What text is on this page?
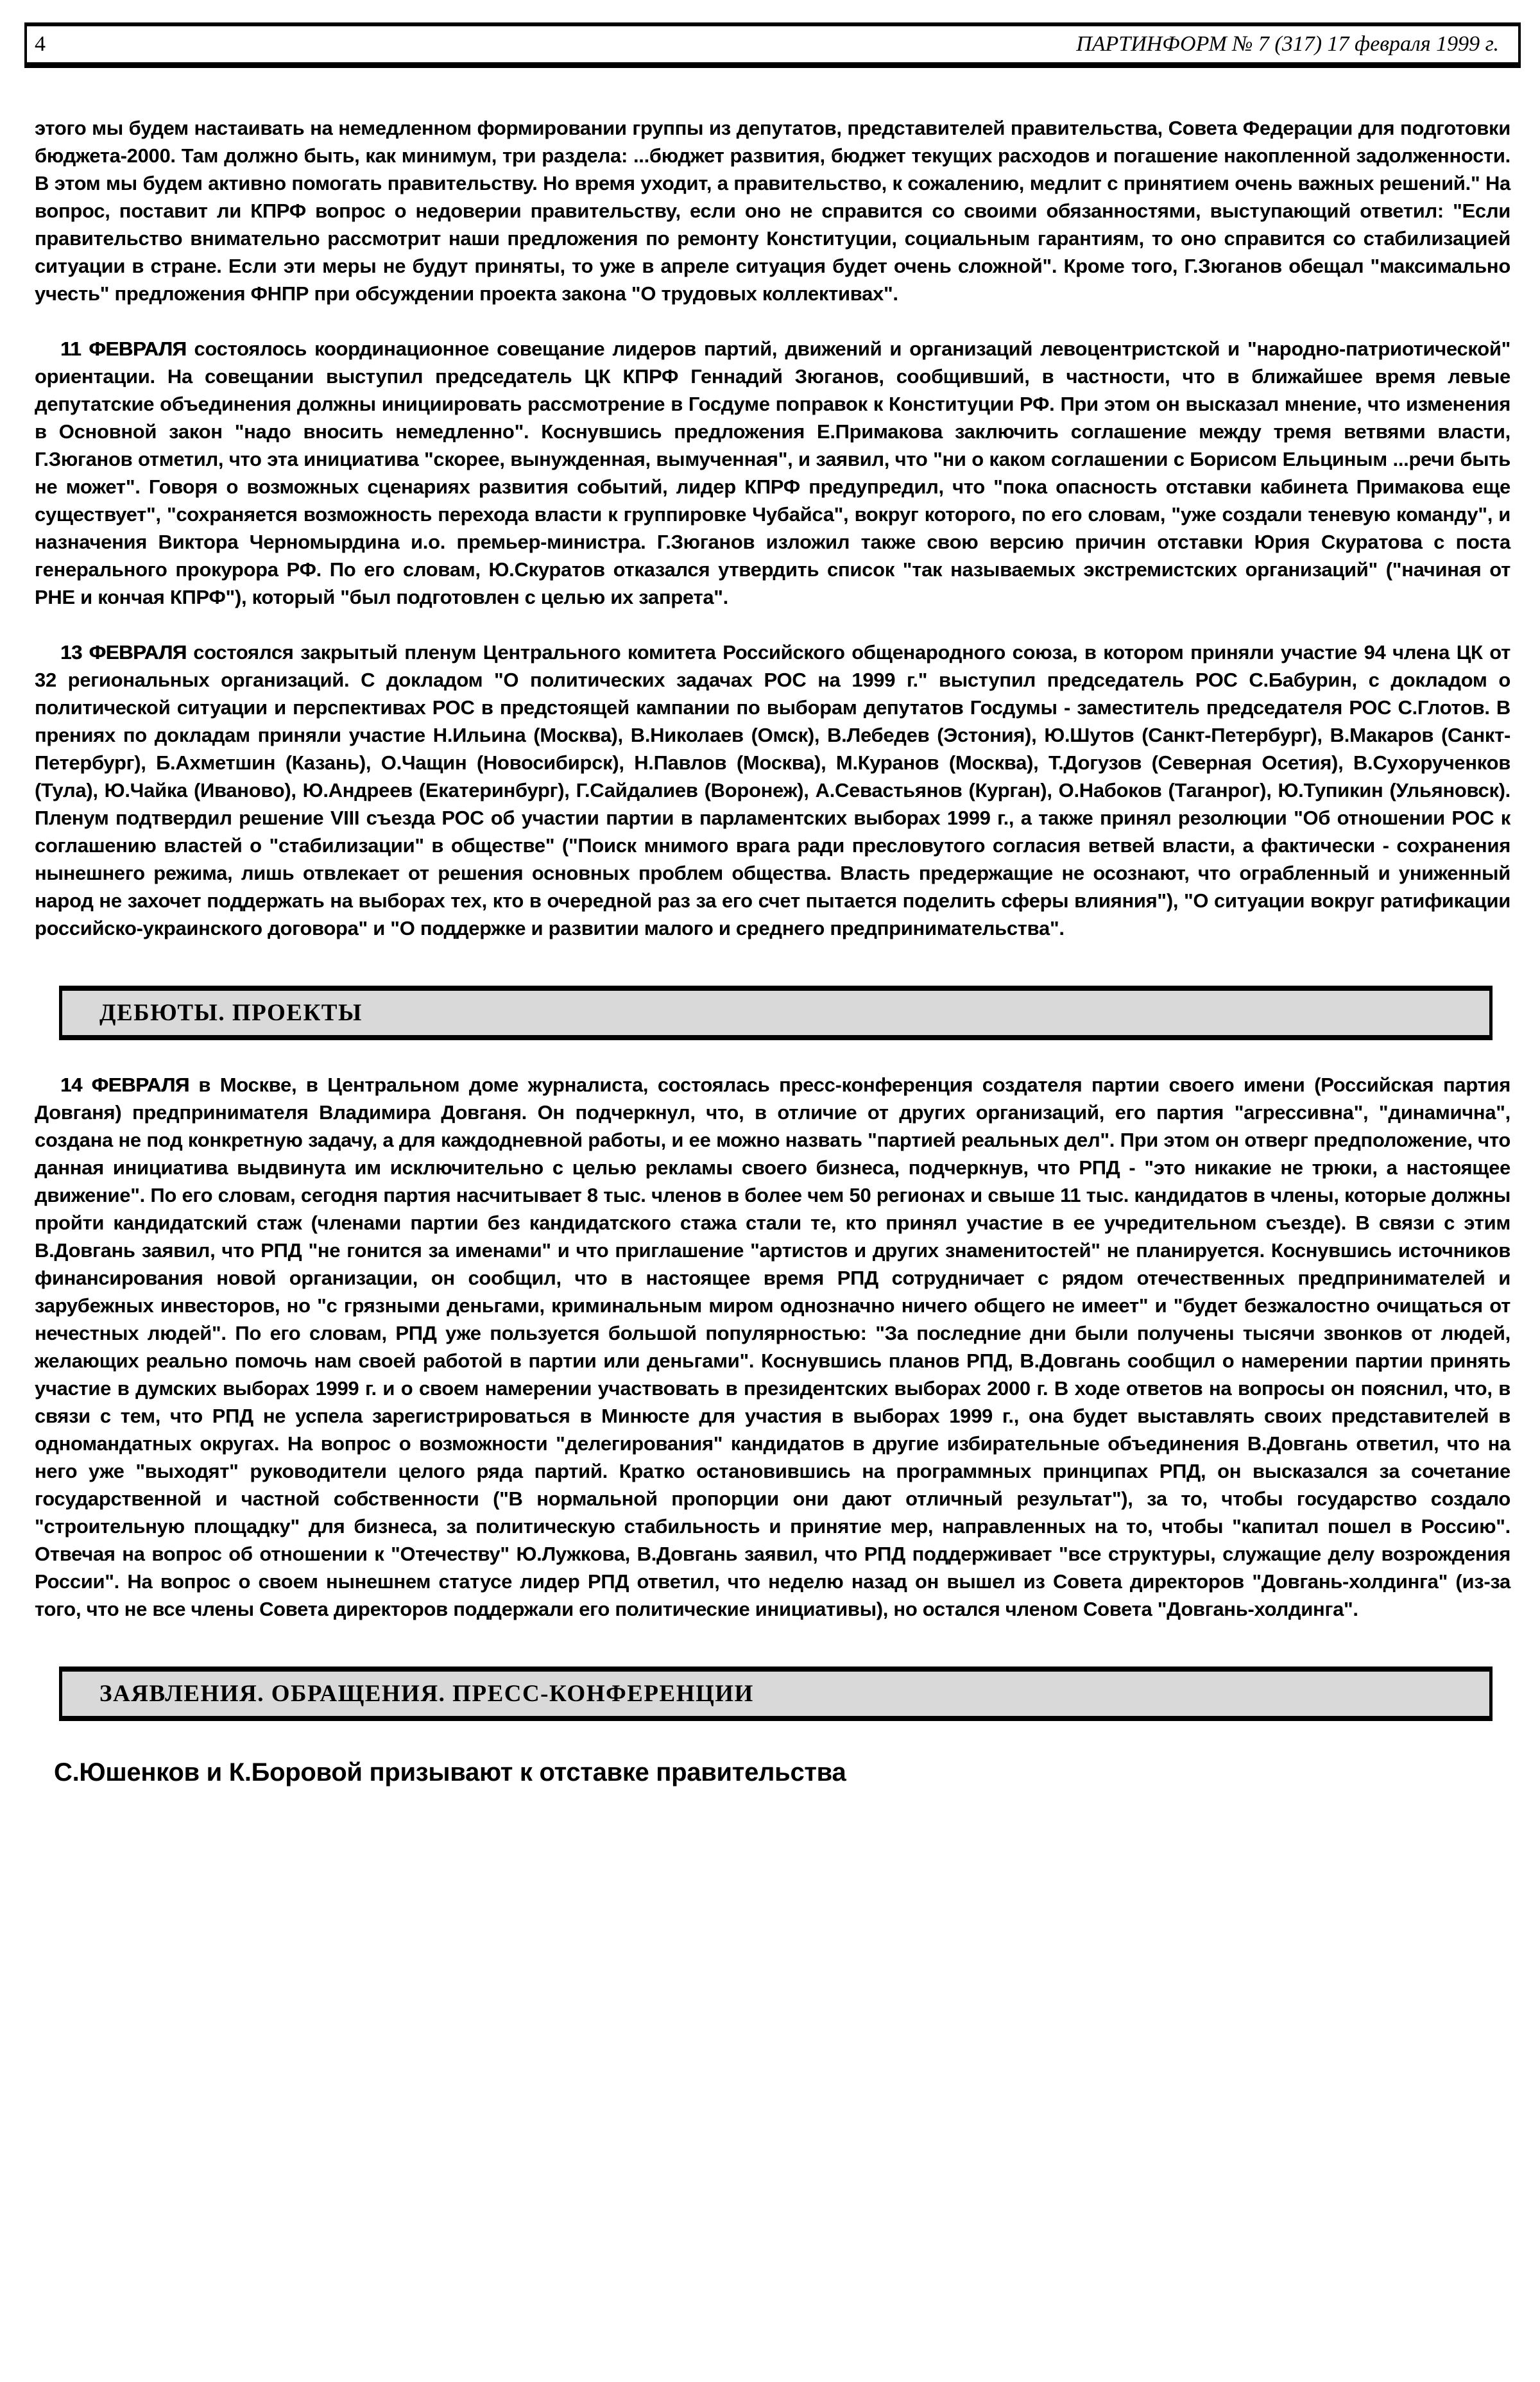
4	ПАРТИНФОРМ № 7 (317) 17 февраля 1999 г.

этого мы будем настаивать на немедленном формировании группы из депутатов, представителей правительства, Совета Федерации для подготовки бюджета-2000. Там должно быть, как минимум, три раздела: ...бюджет развития, бюджет текущих расходов и погашение накопленной задолженности. В этом мы будем активно помогать правительству. Но время уходит, а правительство, к сожалению, медлит с принятием очень важных решений." На вопрос, поставит ли КПРФ вопрос о недоверии правительству, если оно не справится со своими обязанностями, выступающий ответил: "Если правительство внимательно рассмотрит наши предложения по ремонту Конституции, социальным гарантиям, то оно справится со стабилизацией ситуации в стране. Если эти меры не будут приняты, то уже в апреле ситуация будет очень сложной". Кроме того, Г.Зюганов обещал "максимально учесть" предложения ФНПР при обсуждении проекта закона "О трудовых коллективах".

11 ФЕВРАЛЯ состоялось координационное совещание лидеров партий, движений и организаций левоцентристской и "народно-патриотической" ориентации. На совещании выступил председатель ЦК КПРФ Геннадий Зюганов, сообщивший, в частности, что в ближайшее время левые депутатские объединения должны инициировать рассмотрение в Госдуме поправок к Конституции РФ. При этом он высказал мнение, что изменения в Основной закон "надо вносить немедленно". Коснувшись предложения Е.Примакова заключить соглашение между тремя ветвями власти, Г.Зюганов отметил, что эта инициатива "скорее, вынужденная, вымученная", и заявил, что "ни о каком соглашении с Борисом Ельциным ...речи быть не может". Говоря о возможных сценариях развития событий, лидер КПРФ предупредил, что "пока опасность отставки кабинета Примакова еще существует", "сохраняется возможность перехода власти к группировке Чубайса", вокруг которого, по его словам, "уже создали теневую команду", и назначения Виктора Черномырдина и.о. премьер-министра. Г.Зюганов изложил также свою версию причин отставки Юрия Скуратова с поста генерального прокурора РФ. По его словам, Ю.Скуратов отказался утвердить список "так называемых экстремистских организаций" ("начиная от РНЕ и кончая КПРФ"), который "был подготовлен с целью их запрета".

13 ФЕВРАЛЯ состоялся закрытый пленум Центрального комитета Российского общенародного союза, в котором приняли участие 94 члена ЦК от 32 региональных организаций. С докладом "О политических задачах РОС на 1999 г." выступил председатель РОС С.Бабурин, с докладом о политической ситуации и перспективах РОС в предстоящей кампании по выборам депутатов Госдумы - заместитель председателя РОС С.Глотов. В прениях по докладам приняли участие Н.Ильина (Москва), В.Николаев (Омск), В.Лебедев (Эстония), Ю.Шутов (Санкт-Петербург), В.Макаров (Санкт-Петербург), Б.Ахметшин (Казань), О.Чащин (Новосибирск), Н.Павлов (Москва), М.Куранов (Москва), Т.Догузов (Северная Осетия), В.Сухорученков (Тула), Ю.Чайка (Иваново), Ю.Андреев (Екатеринбург), Г.Сайдалиев (Воронеж), А.Севастьянов (Курган), О.Набоков (Таганрог), Ю.Тупикин (Ульяновск). Пленум подтвердил решение VIII съезда РОС об участии партии в парламентских выборах 1999 г., а также принял резолюции "Об отношении РОС к соглашению властей о "стабилизации" в обществе" ("Поиск мнимого врага ради пресловутого согласия ветвей власти, а фактически - сохранения нынешнего режима, лишь отвлекает от решения основных проблем общества. Власть предержащие не осознают, что ограбленный и униженный народ не захочет поддержать на выборах тех, кто в очередной раз за его счет пытается поделить сферы влияния"), "О ситуации вокруг ратификации российско-украинского договора" и "О поддержке и развитии малого и среднего предпринимательства".

ДЕБЮТЫ. ПРОЕКТЫ

14 ФЕВРАЛЯ в Москве, в Центральном доме журналиста, состоялась пресс-конференция создателя партии своего имени (Российская партия Довганя) предпринимателя Владимира Довганя. Он подчеркнул, что, в отличие от других организаций, его партия "агрессивна", "динамична", создана не под конкретную задачу, а для каждодневной работы, и ее можно назвать "партией реальных дел". При этом он отверг предположение, что данная инициатива выдвинута им исключительно с целью рекламы своего бизнеса, подчеркнув, что РПД - "это никакие не трюки, а настоящее движение". По его словам, сегодня партия насчитывает 8 тыс. членов в более чем 50 регионах и свыше 11 тыс. кандидатов в члены, которые должны пройти кандидатский стаж (членами партии без кандидатского стажа стали те, кто принял участие в ее учредительном съезде). В связи с этим В.Довгань заявил, что РПД "не гонится за именами" и что приглашение "артистов и других знаменитостей" не планируется. Коснувшись источников финансирования новой организации, он сообщил, что в настоящее время РПД сотрудничает с рядом отечественных предпринимателей и зарубежных инвесторов, но "с грязными деньгами, криминальным миром однозначно ничего общего не имеет" и "будет безжалостно очищаться от нечестных людей". По его словам, РПД уже пользуется большой популярностью: "За последние дни были получены тысячи звонков от людей, желающих реально помочь нам своей работой в партии или деньгами". Коснувшись планов РПД, В.Довгань сообщил о намерении партии принять участие в думских выборах 1999 г. и о своем намерении участвовать в президентских выборах 2000 г. В ходе ответов на вопросы он пояснил, что, в связи с тем, что РПД не успела зарегистрироваться в Минюсте для участия в выборах 1999 г., она будет выставлять своих представителей в одномандатных округах. На вопрос о возможности "делегирования" кандидатов в другие избирательные объединения В.Довгань ответил, что на него уже "выходят" руководители целого ряда партий. Кратко остановившись на программных принципах РПД, он высказался за сочетание государственной и частной собственности ("В нормальной пропорции они дают отличный результат"), за то, чтобы государство создало "строительную площадку" для бизнеса, за политическую стабильность и принятие мер, направленных на то, чтобы "капитал пошел в Россию". Отвечая на вопрос об отношении к "Отечеству" Ю.Лужкова, В.Довгань заявил, что РПД поддерживает "все структуры, служащие делу возрождения России". На вопрос о своем нынешнем статусе лидер РПД ответил, что неделю назад он вышел из Совета директоров "Довгань-холдинга" (из-за того, что не все члены Совета директоров поддержали его политические инициативы), но остался членом Совета "Довгань-холдинга".

ЗАЯВЛЕНИЯ. ОБРАЩЕНИЯ. ПРЕСС-КОНФЕРЕНЦИИ
С.Юшенков и К.Боровой призывают к отставке правительства
